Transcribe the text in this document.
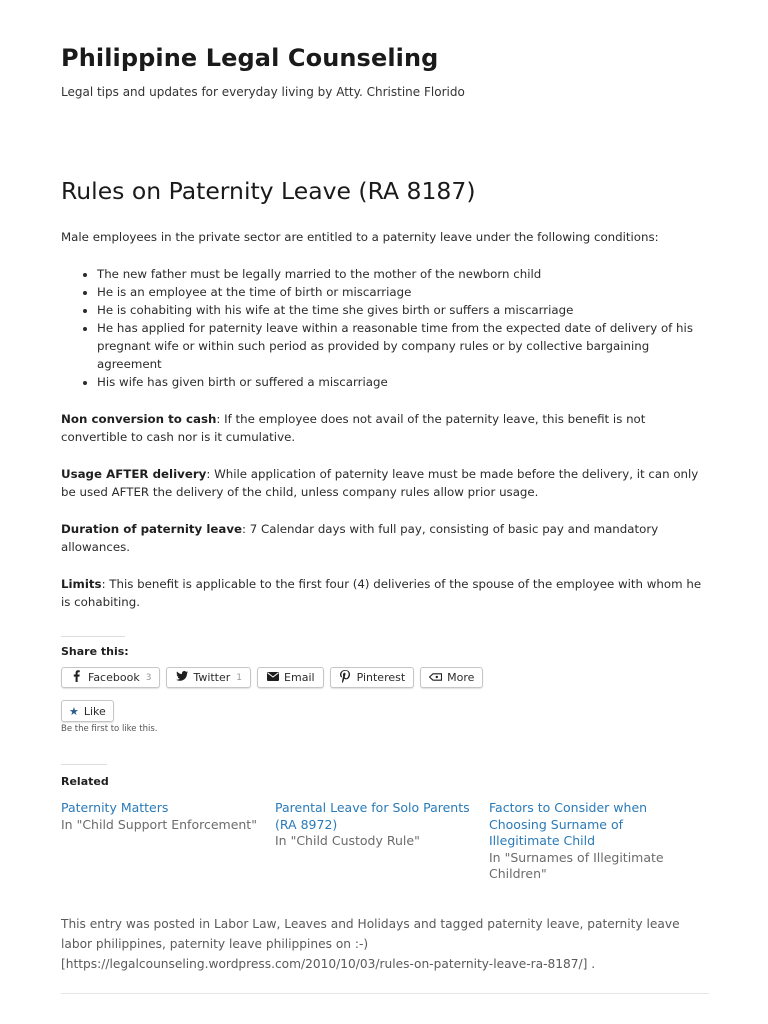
Philippine Legal Counseling

Legal tips and updates for everyday living by Atty. Christine Florido

Rules on Paternity Leave (RA 8187)

Male employees in the private sector are entitled to a paternity leave under the following conditions:

• The new father must be legally married to the mother of the newborn child
• He is an employee at the time of birth or miscarriage
• He is cohabiting with his wife at the time she gives birth or suffers a miscarriage
• He has applied for paternity leave within a reasonable time from the expected date of delivery of his pregnant wife or within such period as provided by company rules or by collective bargaining agreement
• His wife has given birth or suffered a miscarriage

Non conversion to cash: If the employee does not avail of the paternity leave, this benefit is not convertible to cash nor is it cumulative.

Usage AFTER delivery: While application of paternity leave must be made before the delivery, it can only be used AFTER the delivery of the child, unless company rules allow prior usage.

Duration of paternity leave: 7 Calendar days with full pay, consisting of basic pay and mandatory allowances.

Limits: This benefit is applicable to the first four (4) deliveries of the spouse of the employee with whom he is cohabiting.

Share this:
Facebook 3	Twitter 1	Email	Pinterest	More
★ Like
Be the first to like this.
Related
Paternity Matters
In "Child Support Enforcement"
Parental Leave for Solo Parents (RA 8972)
In "Child Custody Rule"
Factors to Consider when Choosing Surname of Illegitimate Child
In "Surnames of Illegitimate Children"
This entry was posted in Labor Law, Leaves and Holidays and tagged paternity leave, paternity leave labor philippines, paternity leave philippines on :-) [https://legalcounseling.wordpress.com/2010/10/03/rules-on-paternity-leave-ra-8187/] .
